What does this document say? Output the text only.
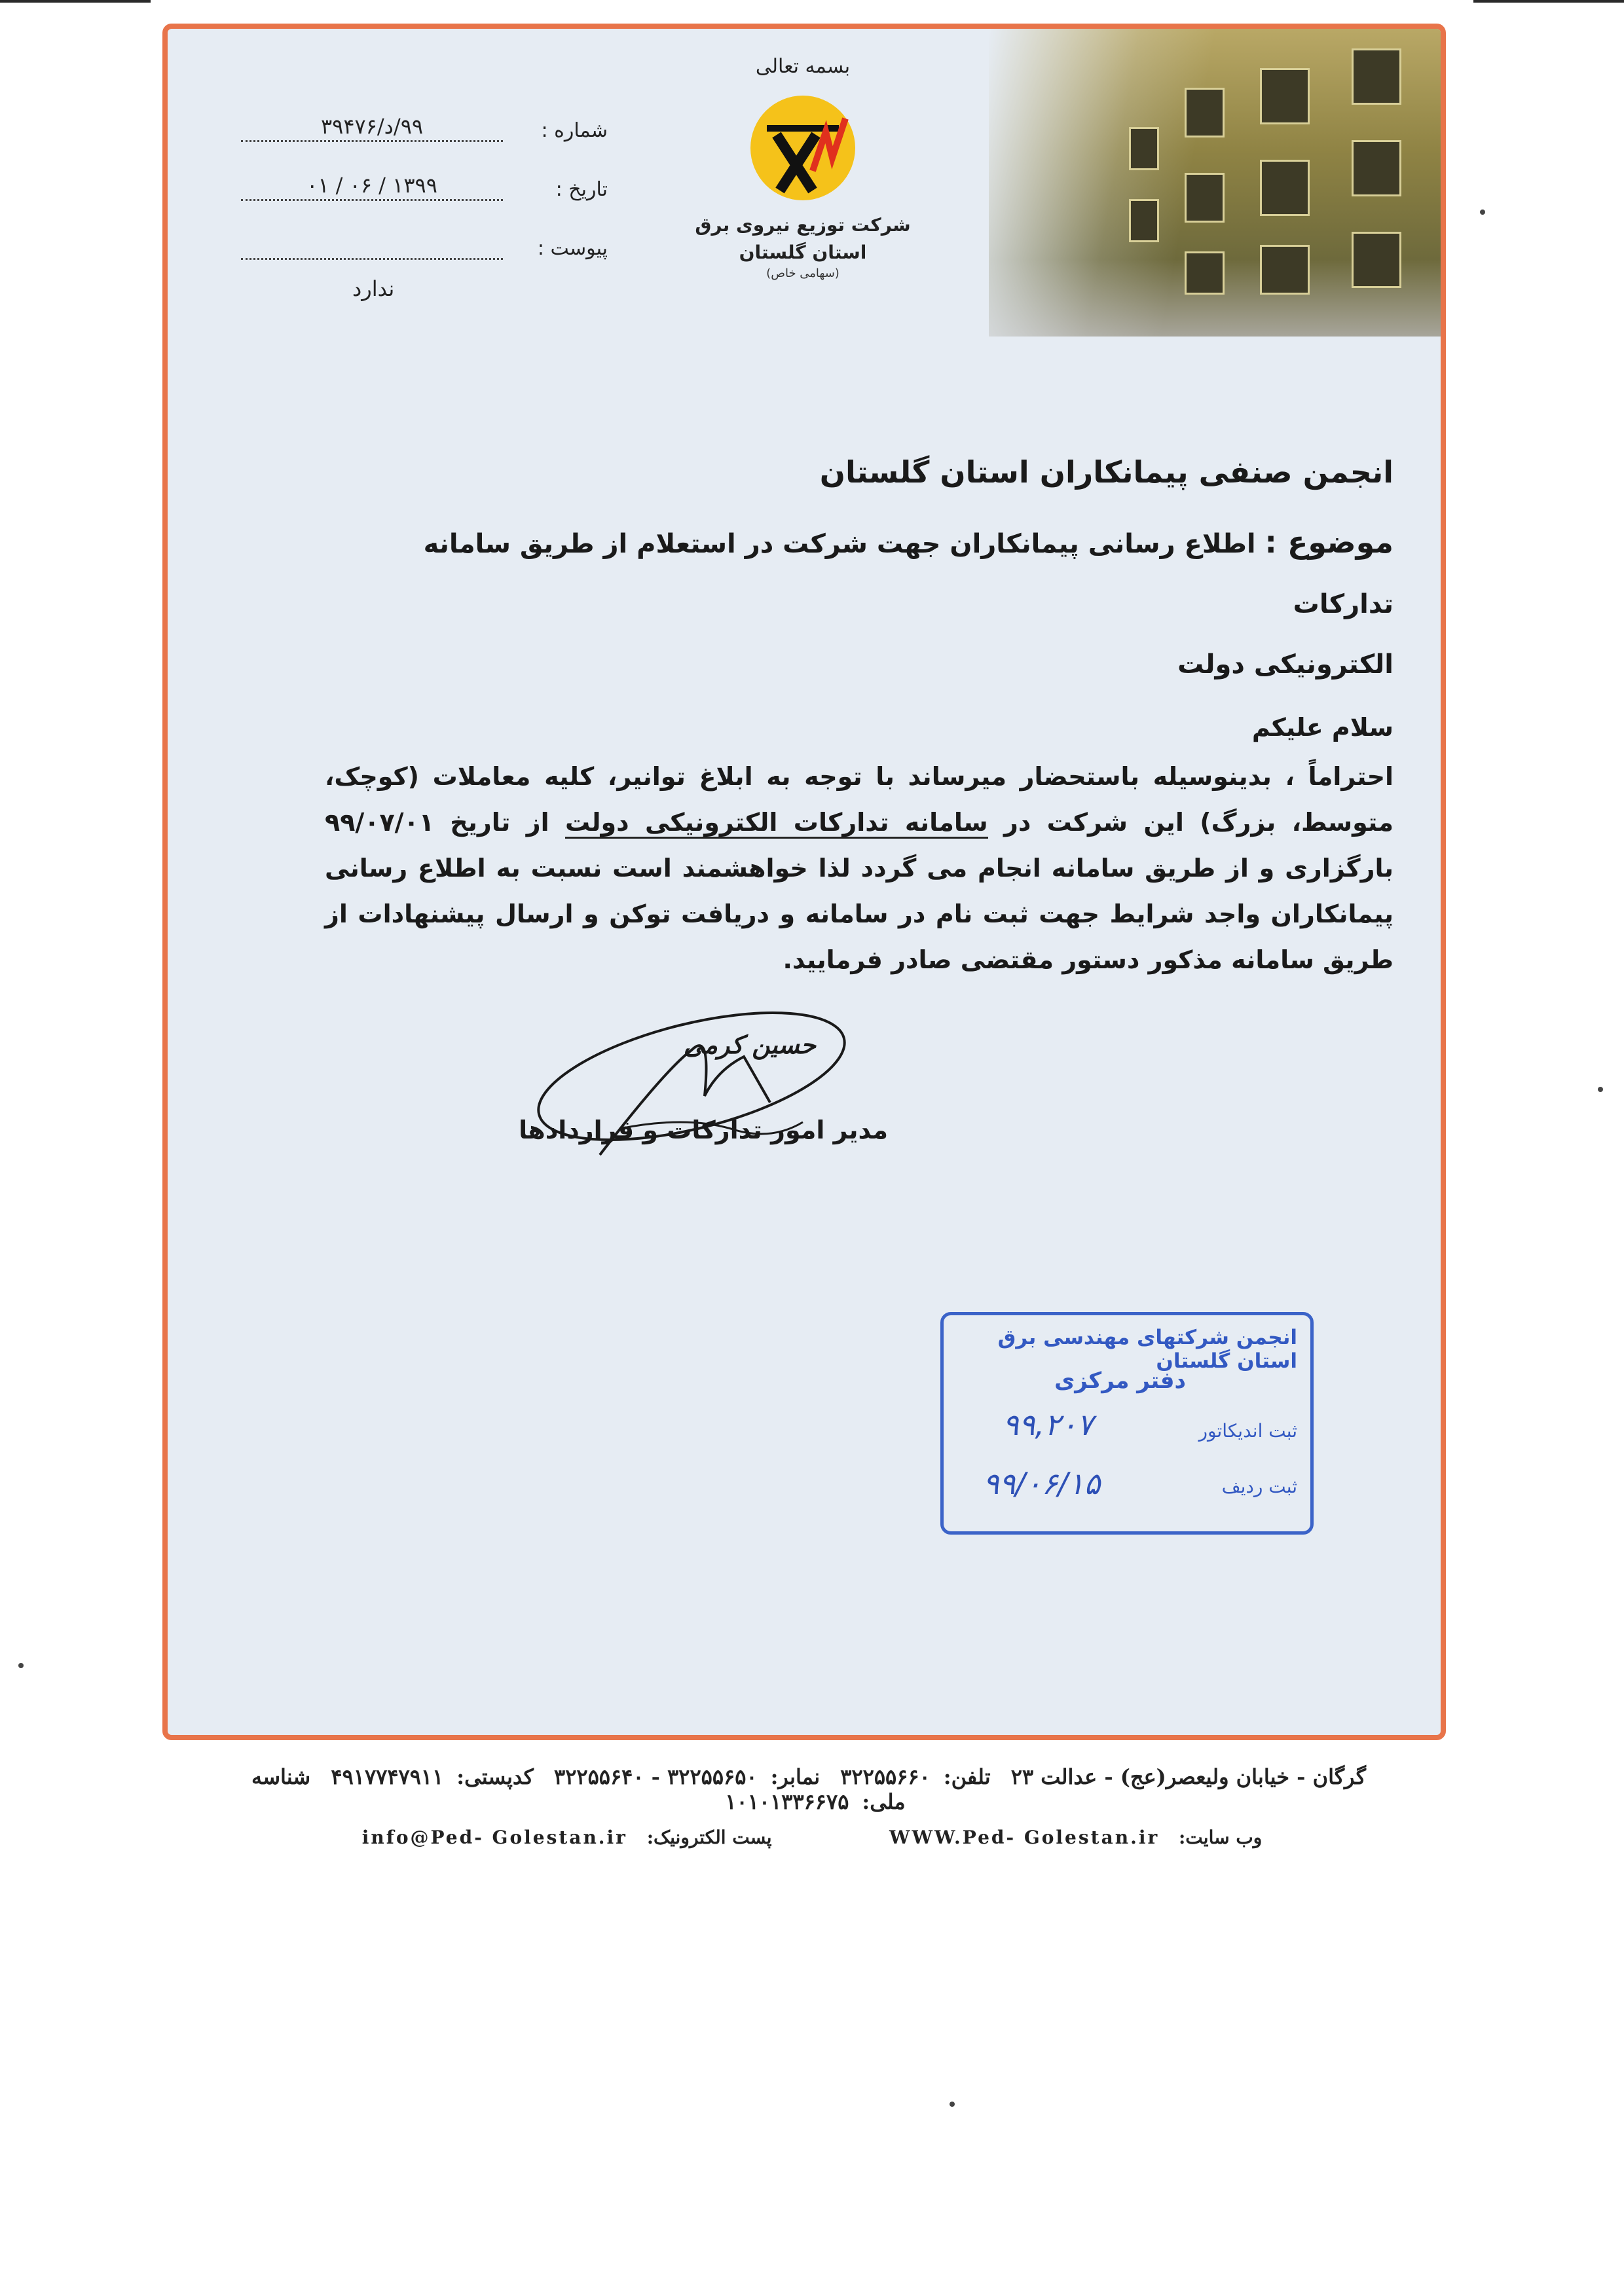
بسمه تعالی
شرکت توزیع نیروی برق
استان گلستان
(سهامی خاص)
شماره :
۹۹/د/۳۹۴۷۶
تاریخ :
۱۳۹۹ / ۰۶ / ۰۱
پیوست :
ندارد
انجمن صنفی پیمانکاران استان گلستان
موضوع : اطلاع رسانی پیمانکاران جهت شرکت در استعلام از طریق سامانه تدارکات
الکترونیکی دولت
سلام علیکم
احتراماً ، بدینوسیله باستحضار میرساند با توجه به ابلاغ توانیر، کلیه معاملات (کوچک، متوسط، بزرگ) این شرکت در سامانه تدارکات الکترونیکی دولت از تاریخ ۹۹/۰۷/۰۱ بارگزاری و از طریق سامانه انجام می گردد لذا خواهشمند است نسبت به اطلاع رسانی پیمانکاران واجد شرایط جهت ثبت نام در سامانه و دریافت توکن و ارسال پیشنهادات از طریق سامانه مذکور دستور مقتضی صادر فرمایید.
حسین کرمی
مدیر امور تدارکات و قراردادها
انجمن شرکتهای مهندسی برق استان گلستان
دفتر مرکزی
ثبت اندیکاتور
۹۹,۲۰۷
ثبت ردیف
۹۹/۰۶/۱۵
گرگان - خیابان ولیعصر(عج) - عدالت ۲۳ تلفن:۳۲۲۵۵۶۶۰ نمابر:۳۲۲۵۵۶۵۰ - ۳۲۲۵۵۶۴۰ کدپستی:۴۹۱۷۷۴۷۹۱۱ شناسه ملی:۱۰۱۰۱۳۳۶۶۷۵
وب سایت: WWW.Ped- Golestan.ir  پست الکترونیک: info@Ped- Golestan.ir
